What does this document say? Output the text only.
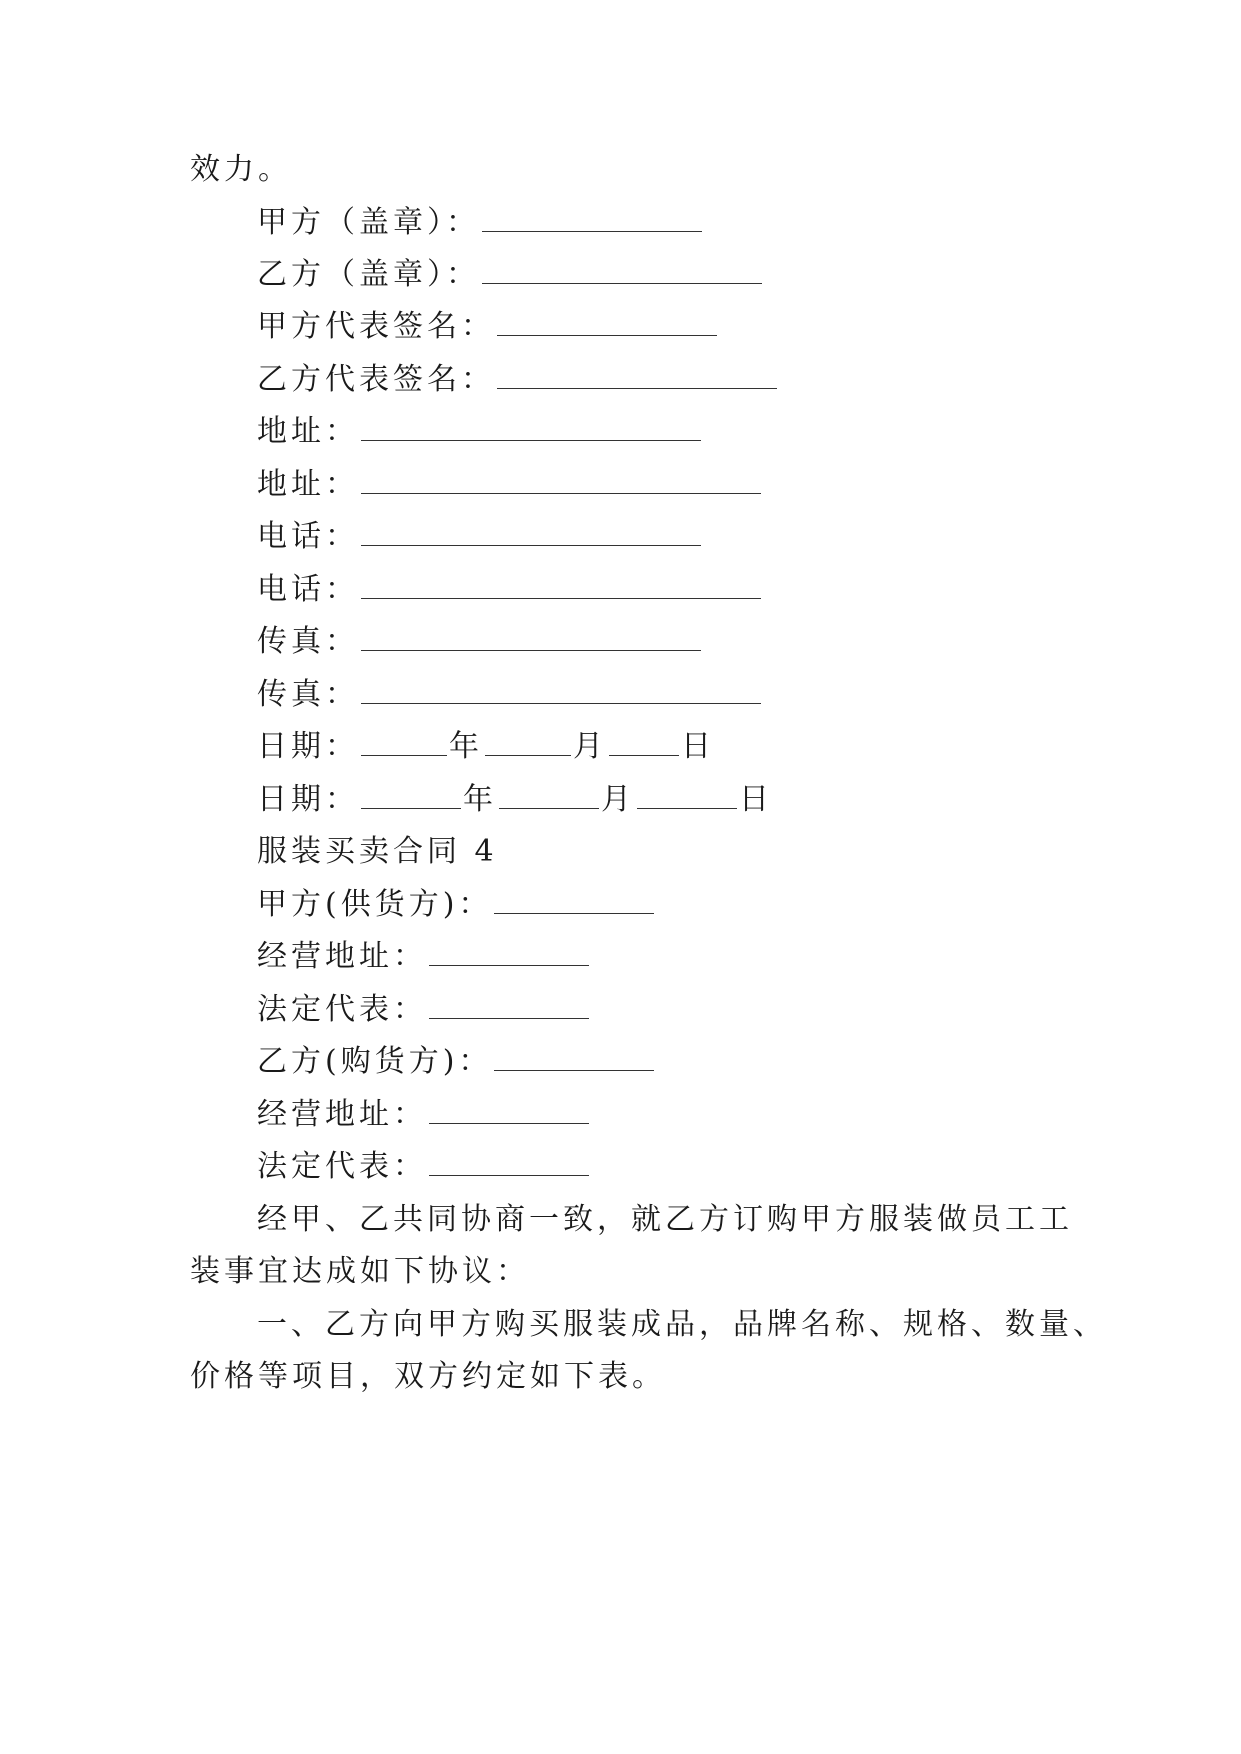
效力。
甲方（盖章）：
乙方（盖章）：
甲方代表签名：
乙方代表签名：
地址：
地址：
电话：
电话：
传真：
传真：
日期：	年	月 日
日期：	年	月	日
服装买卖合同 4
甲方(供货方)：
经营地址：
法定代表：
乙方(购货方)：
经营地址：
法定代表：
经甲、乙共同协商一致，就乙方订购甲方服装做员工工
装事宜达成如下协议：
一、乙方向甲方购买服装成品，品牌名称、规格、数量、
价格等项目，双方约定如下表。
